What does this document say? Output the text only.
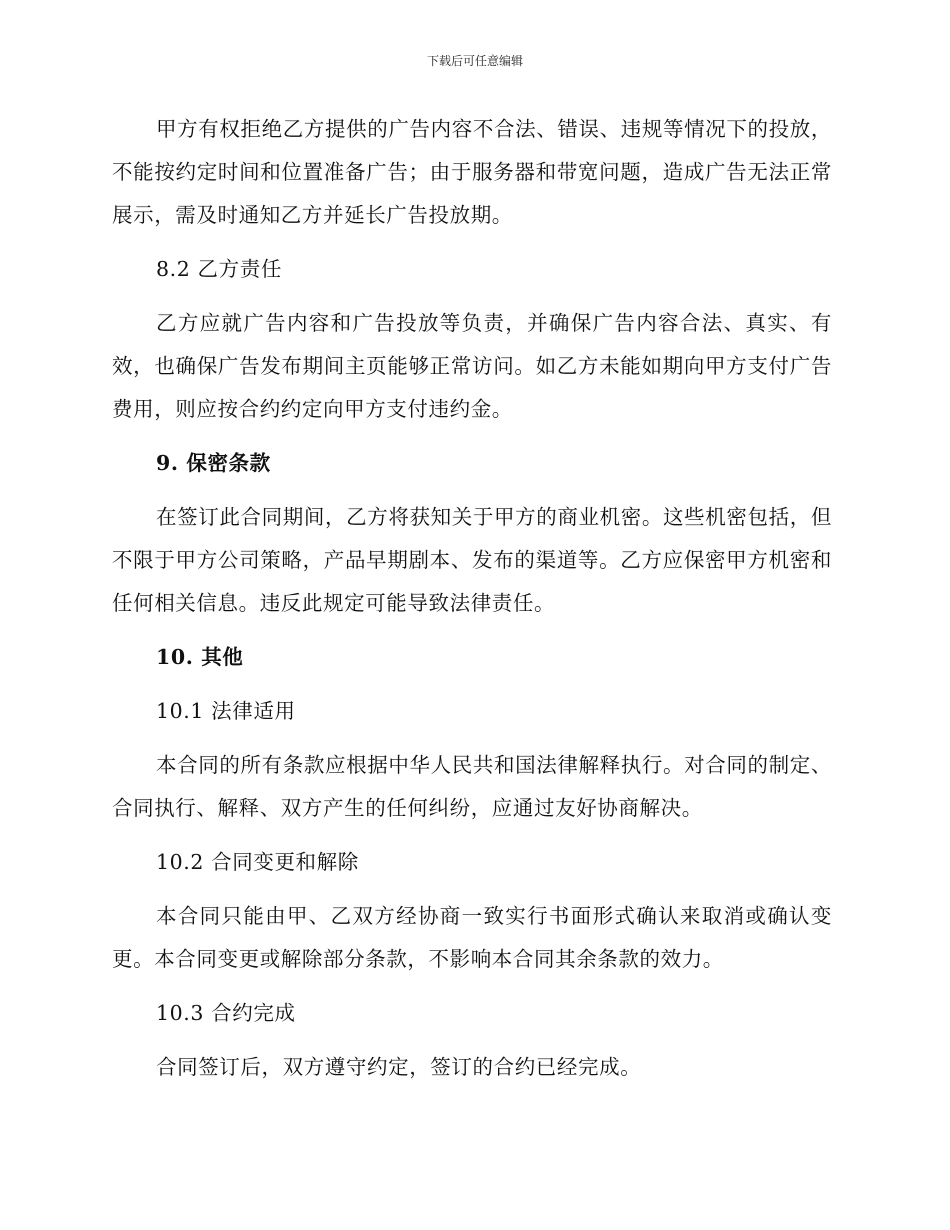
下载后可任意编辑

甲方有权拒绝乙方提供的广告内容不合法、错误、违规等情况下的投放，不能按约定时间和位置准备广告；由于服务器和带宽问题，造成广告无法正常展示，需及时通知乙方并延长广告投放期。

8.2 乙方责任

乙方应就广告内容和广告投放等负责，并确保广告内容合法、真实、有效，也确保广告发布期间主页能够正常访问。如乙方未能如期向甲方支付广告费用，则应按合约约定向甲方支付违约金。

9. 保密条款

在签订此合同期间，乙方将获知关于甲方的商业机密。这些机密包括，但不限于甲方公司策略，产品早期剧本、发布的渠道等。乙方应保密甲方机密和任何相关信息。违反此规定可能导致法律责任。

10. 其他

10.1 法律适用

本合同的所有条款应根据中华人民共和国法律解释执行。对合同的制定、合同执行、解释、双方产生的任何纠纷，应通过友好协商解决。

10.2 合同变更和解除

本合同只能由甲、乙双方经协商一致实行书面形式确认来取消或确认变更。本合同变更或解除部分条款，不影响本合同其余条款的效力。

10.3 合约完成

合同签订后，双方遵守约定，签订的合约已经完成。
